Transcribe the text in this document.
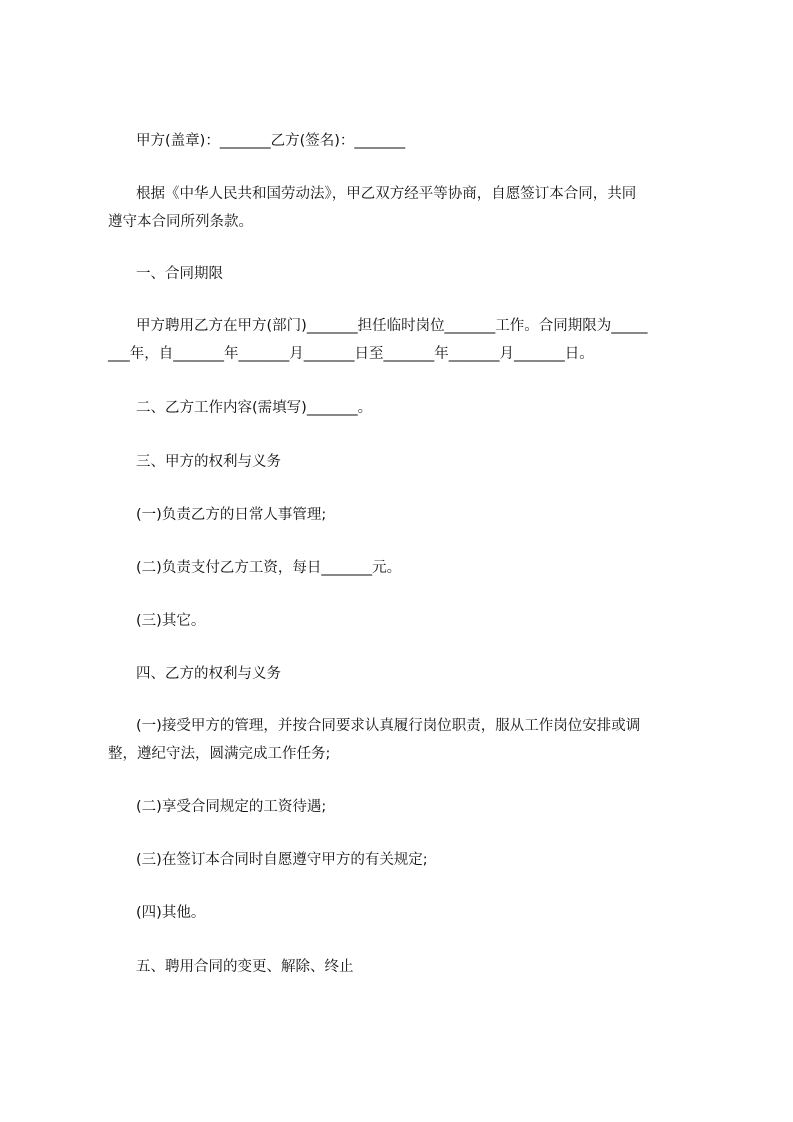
甲方(盖章)：_______乙方(签名)：_______

根据《中华人民共和国劳动法》，甲乙双方经平等协商，自愿签订本合同，共同

遵守本合同所列条款。

一、合同期限

甲方聘用乙方在甲方(部门)_______担任临时岗位_______工作。合同期限为_____

___年，自_______年_______月_______日至_______年_______月_______日。

二、乙方工作内容(需填写)_______。

三、甲方的权利与义务

(一)负责乙方的日常人事管理;

(二)负责支付乙方工资，每日_______元。

(三)其它。

四、乙方的权利与义务

(一)接受甲方的管理，并按合同要求认真履行岗位职责，服从工作岗位安排或调

整，遵纪守法，圆满完成工作任务;

(二)享受合同规定的工资待遇;

(三)在签订本合同时自愿遵守甲方的有关规定;

(四)其他。

五、聘用合同的变更、解除、终止
